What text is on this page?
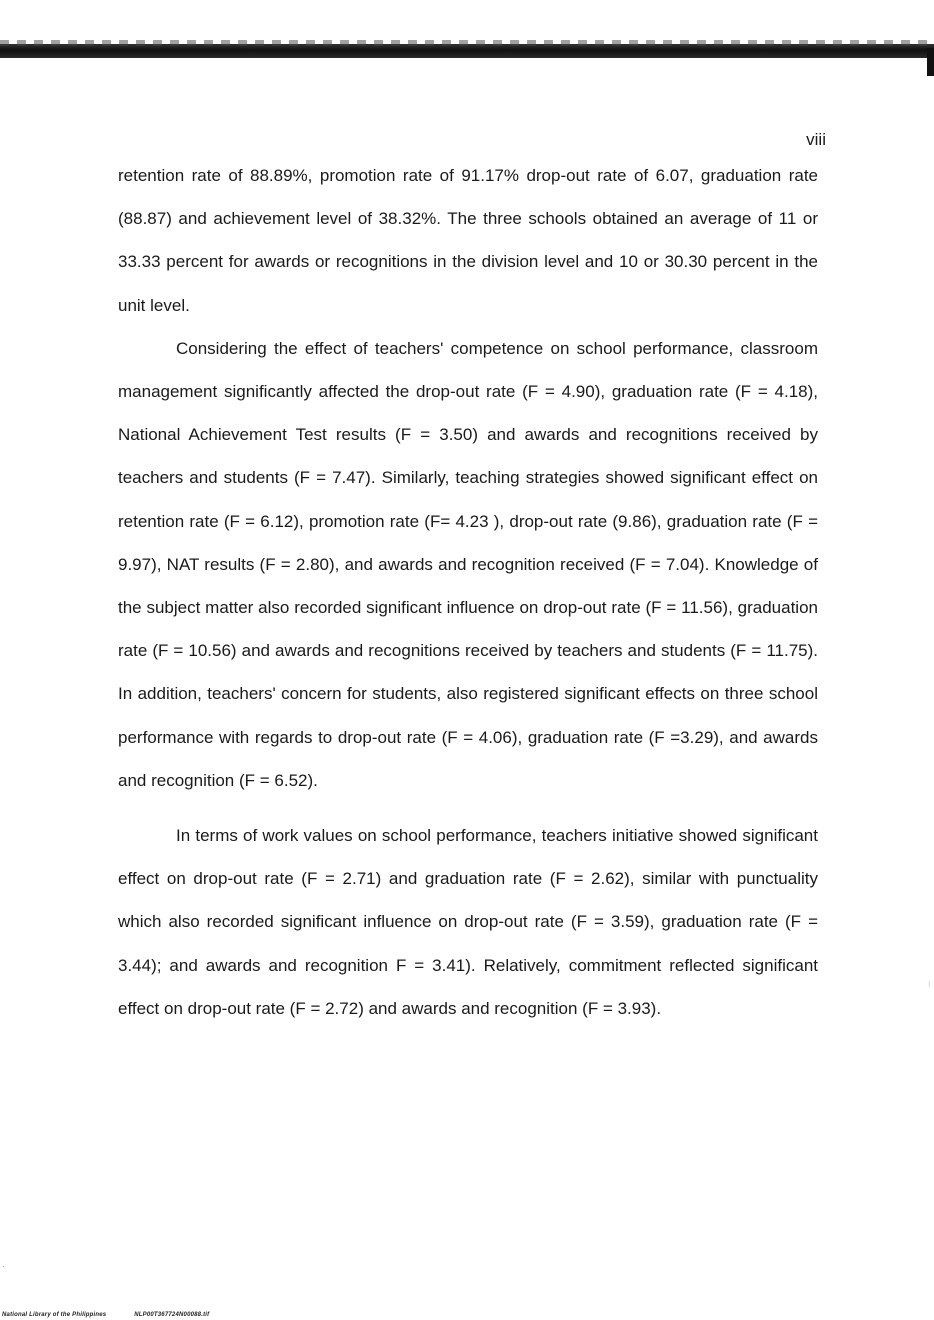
viii

retention rate of 88.89%, promotion rate of 91.17% drop-out rate of 6.07, graduation rate (88.87) and achievement level of 38.32%. The three schools obtained an average of 11 or 33.33 percent for awards or recognitions in the division level and 10 or 30.30 percent in the unit level.

Considering the effect of teachers' competence on school performance, classroom management significantly affected the drop-out rate (F = 4.90), graduation rate (F = 4.18), National Achievement Test results (F = 3.50) and awards and recognitions received by teachers and students (F = 7.47). Similarly, teaching strategies showed significant effect on retention rate (F = 6.12), promotion rate (F= 4.23 ), drop-out rate (9.86), graduation rate (F = 9.97), NAT results (F = 2.80), and awards and recognition received (F = 7.04). Knowledge of the subject matter also recorded significant influence on drop-out rate (F = 11.56), graduation rate (F = 10.56) and awards and recognitions received by teachers and students (F = 11.75). In addition, teachers' concern for students, also registered significant effects on three school performance with regards to drop-out rate (F = 4.06), graduation rate (F =3.29), and awards and recognition (F = 6.52).

In terms of work values on school performance, teachers initiative showed significant effect on drop-out rate (F = 2.71) and graduation rate (F = 2.62), similar with punctuality which also recorded significant influence on drop-out rate (F = 3.59), graduation rate (F = 3.44); and awards and recognition F = 3.41). Relatively, commitment reflected significant effect on drop-out rate (F = 2.72) and awards and recognition (F = 3.93).

·
⁝
National Library of the Philippines	NLP00T367724N00088.tif
